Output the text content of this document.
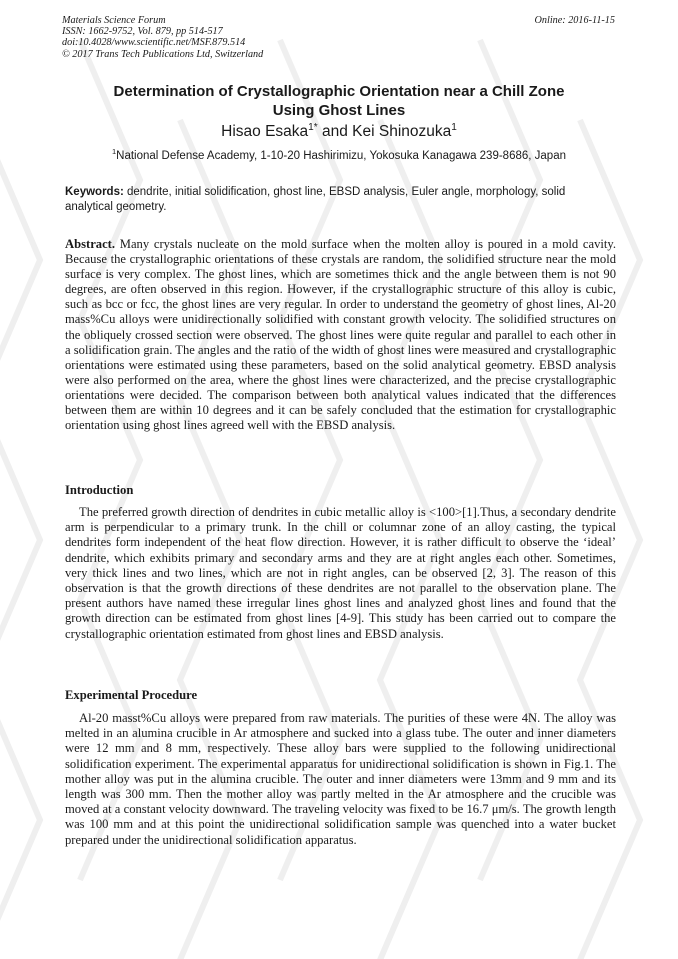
Materials Science Forum
ISSN: 1662-9752, Vol. 879, pp 514-517
doi:10.4028/www.scientific.net/MSF.879.514
© 2017 Trans Tech Publications Ltd, Switzerland
Online: 2016-11-15
Determination of Crystallographic Orientation near a Chill Zone
Using Ghost Lines
Hisao Esaka$^{1*}$ and Kei Shinozuka$^1$
$^1$National Defense Academy, 1-10-20 Hashirimizu, Yokosuka Kanagawa 239-8686, Japan
Keywords: dendrite, initial solidification, ghost line, EBSD analysis, Euler angle, morphology, solid analytical geometry.
Abstract. Many crystals nucleate on the mold surface when the molten alloy is poured in a mold cavity. Because the crystallographic orientations of these crystals are random, the solidified structure near the mold surface is very complex. The ghost lines, which are sometimes thick and the angle between them is not 90 degrees, are often observed in this region. However, if the crystallographic structure of this alloy is cubic, such as bcc or fcc, the ghost lines are very regular. In order to understand the geometry of ghost lines, Al-20 mass%Cu alloys were unidirectionally solidified with constant growth velocity. The solidified structures on the obliquely crossed section were observed. The ghost lines were quite regular and parallel to each other in a solidification grain. The angles and the ratio of the width of ghost lines were measured and crystallographic orientations were estimated using these parameters, based on the solid analytical geometry. EBSD analysis were also performed on the area, where the ghost lines were characterized, and the precise crystallographic orientations were decided. The comparison between both analytical values indicated that the differences between them are within 10 degrees and it can be safely concluded that the estimation for crystallographic orientation using ghost lines agreed well with the EBSD analysis.
Introduction
The preferred growth direction of dendrites in cubic metallic alloy is <100>[1].Thus, a secondary dendrite arm is perpendicular to a primary trunk. In the chill or columnar zone of an alloy casting, the typical dendrites form independent of the heat flow direction. However, it is rather difficult to observe the ‘ideal’ dendrite, which exhibits primary and secondary arms and they are at right angles each other. Sometimes, very thick lines and two lines, which are not in right angles, can be observed [2, 3]. The reason of this observation is that the growth directions of these dendrites are not parallel to the observation plane. The present authors have named these irregular lines ghost lines and analyzed ghost lines and found that the growth direction can be estimated from ghost lines [4-9]. This study has been carried out to compare the crystallographic orientation estimated from ghost lines and EBSD analysis.
Experimental Procedure
Al-20 masst%Cu alloys were prepared from raw materials. The purities of these were 4N. The alloy was melted in an alumina crucible in Ar atmosphere and sucked into a glass tube. The outer and inner diameters were 12 mm and 8 mm, respectively. These alloy bars were supplied to the following unidirectional solidification experiment. The experimental apparatus for unidirectional solidification is shown in Fig.1. The mother alloy was put in the alumina crucible. The outer and inner diameters were 13mm and 9 mm and its length was 300 mm. Then the mother alloy was partly melted in the Ar atmosphere and the crucible was moved at a constant velocity downward. The traveling velocity was fixed to be 16.7 μm/s. The growth length was 100 mm and at this point the unidirectional solidification sample was quenched into a water bucket prepared under the unidirectional solidification apparatus.
